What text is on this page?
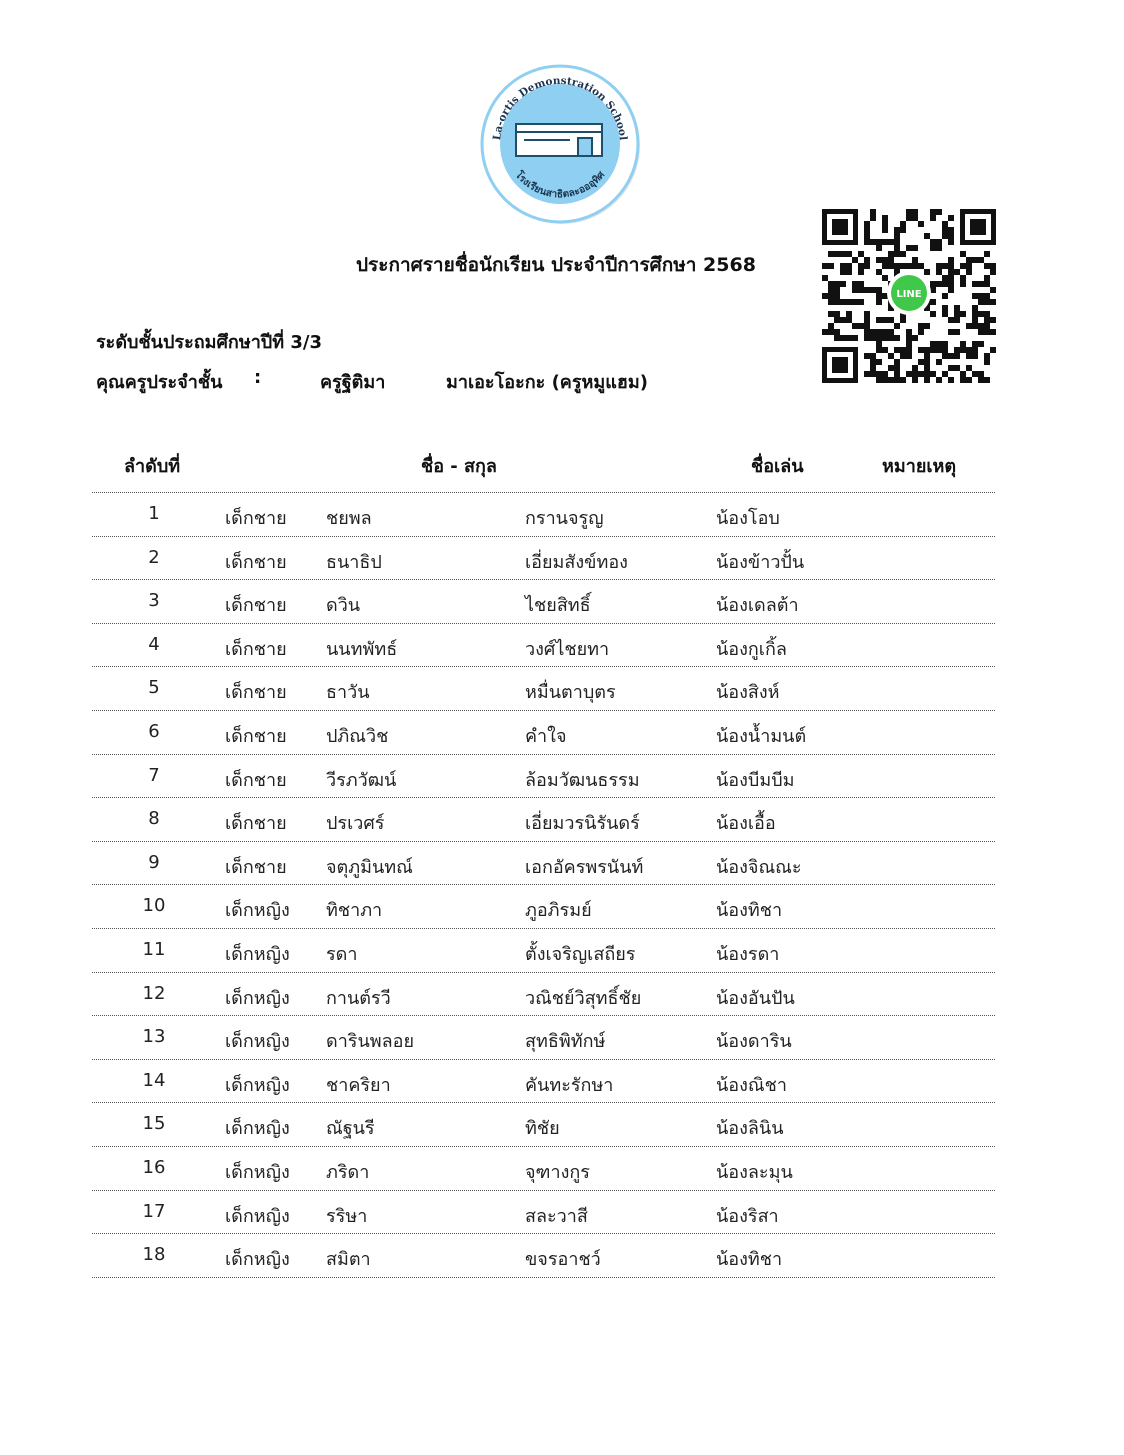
La-ortis Demonstration School
โรงเรียนสาธิตละอออุทิศ
LINE
ประกาศรายชื่อนักเรียน ประจำปีการศึกษา 2568
ระดับชั้นประถมศึกษาปีที่ 3/3
คุณครูประจำชั้น :	ครูฐิติมา	มาเอะโอะกะ (ครูหมูแฮม)
ลำดับที่	ชื่อ - สกุล	ชื่อเล่น	หมายเหตุ
1	เด็กชาย ชยพล	กรานจรูญ	น้องโอบ
2	เด็กชาย ธนาธิป	เอี่ยมสังข์ทอง	น้องข้าวปั้น
3	เด็กชาย ดวิน	ไชยสิทธิ์	น้องเดลต้า
4	เด็กชาย นนทพัทธ์	วงศ์ไชยทา	น้องกูเกิ้ล
5	เด็กชาย ธาวัน	หมื่นตาบุตร	น้องสิงห์
6	เด็กชาย ปภิณวิช	คำใจ	น้องน้ำมนต์
7	เด็กชาย วีรภวัฒน์	ล้อมวัฒนธรรม	น้องบีมบีม
8	เด็กชาย ปรเวศร์	เอี่ยมวรนิรันดร์	น้องเอื้อ
9	เด็กชาย จตุภูมินทณ์	เอกอัครพรนันท์	น้องจิณณะ
10	เด็กหญิง ทิชาภา	ภูอภิรมย์	น้องทิชา
11	เด็กหญิง รดา	ตั้งเจริญเสถียร	น้องรดา
12	เด็กหญิง กานต์รวี	วณิชย์วิสุทธิ์ชัย	น้องอันปัน
13	เด็กหญิง ดารินพลอย	สุทธิพิทักษ์	น้องดาริน
14	เด็กหญิง ชาคริยา	คันทะรักษา	น้องณิชา
15	เด็กหญิง ณัฐนรี	ทิชัย	น้องลินิน
16	เด็กหญิง ภริดา	จุฑางกูร	น้องละมุน
17	เด็กหญิง รริษา	สละวาสี	น้องริสา
18	เด็กหญิง สมิตา	ขจรอาชว์	น้องทิชา
